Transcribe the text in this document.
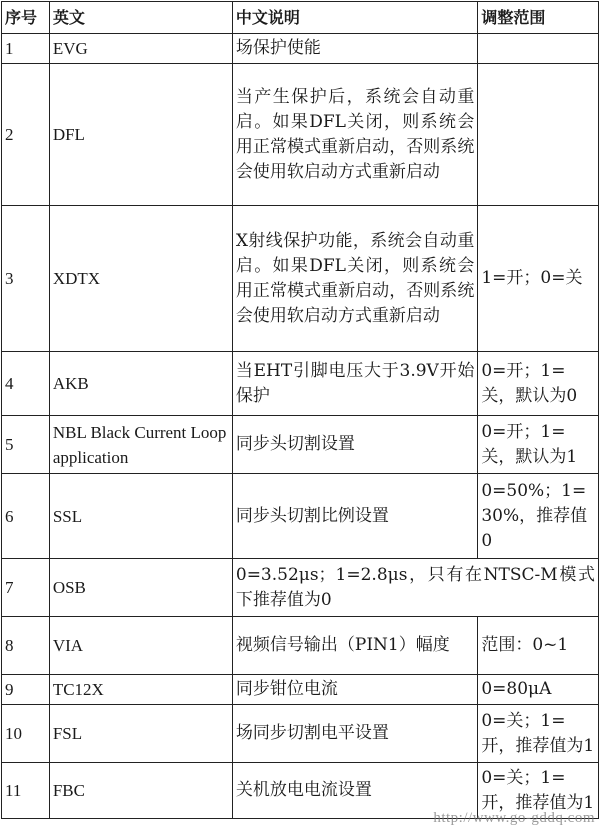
序号	英文	中文说明	调整范围
1	EVG	场保护使能	
2	DFL	当产生保护后，系统会自动重启。如果DFL关闭，则系统会用正常模式重新启动，否则系统会使用软启动方式重新启动	
3	XDTX	X射线保护功能，系统会自动重启。如果DFL关闭，则系统会用正常模式重新启动，否则系统会使用软启动方式重新启动	1=开；0=关
4	AKB	当EHT引脚电压大于3.9V开始保护	0=开；1=关，默认为0
5	NBL Black Current Loop application	同步头切割设置	0=开；1=关，默认为1
6	SSL	同步头切割比例设置	0=50%；1=30%，推荐值0
7	OSB	0=3.52μs；1=2.8μs，只有在NTSC-M模式下推荐值为0	
8	VIA	视频信号输出（PIN1）幅度	范围：0~1
9	TC12X	同步钳位电流	0=80μA
10	FSL	场同步切割电平设置	0=关；1=开，推荐值为1
11	FBC	关机放电电流设置	0=关；1=开，推荐值为1
http://www.go-gddq.com
